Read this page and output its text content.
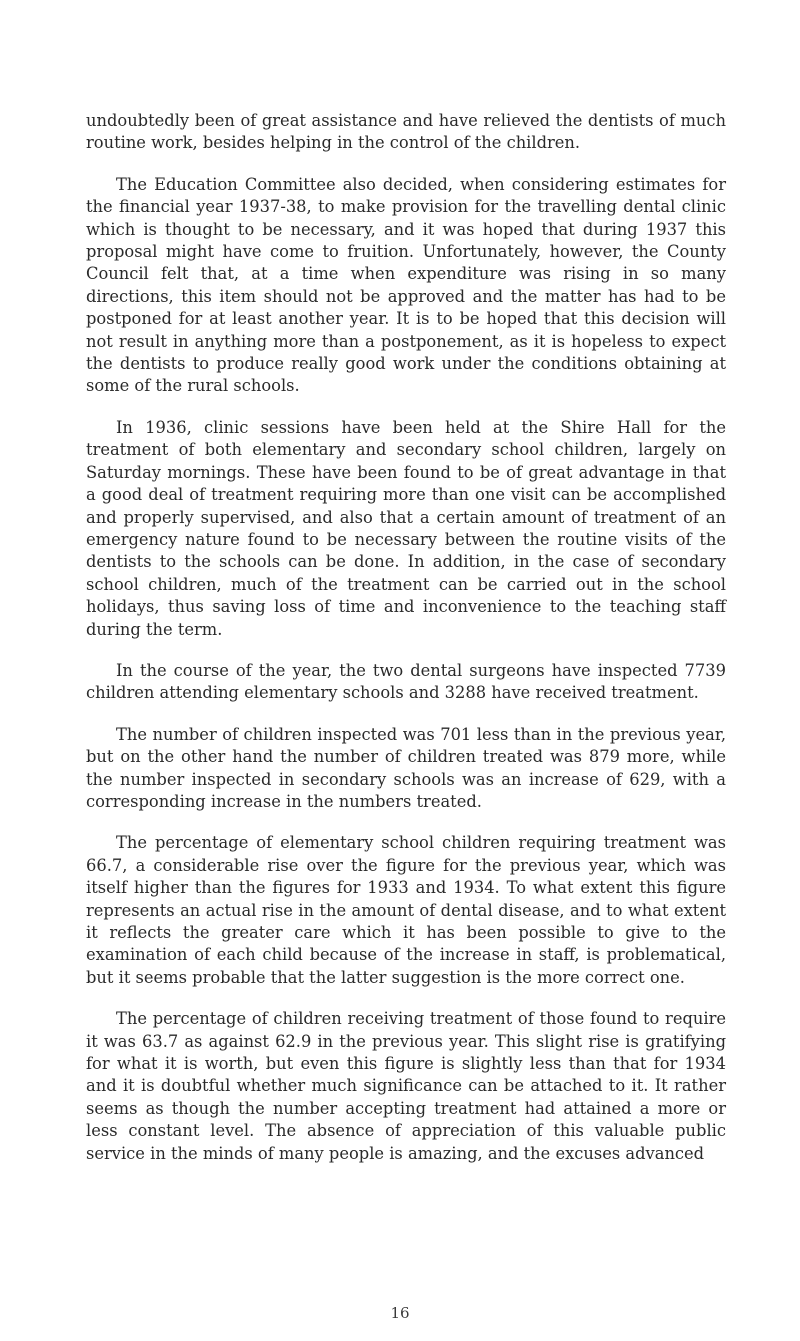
undoubtedly been of great assistance and have relieved the dentists of much routine work, besides helping in the control of the children.

The Education Committee also decided, when considering estimates for the financial year 1937-38, to make provision for the travelling dental clinic which is thought to be necessary, and it was hoped that during 1937 this proposal might have come to fruition. Unfortunately, however, the County Council felt that, at a time when expenditure was rising in so many directions, this item should not be approved and the matter has had to be postponed for at least another year. It is to be hoped that this decision will not result in anything more than a postponement, as it is hopeless to expect the dentists to produce really good work under the conditions obtaining at some of the rural schools.

In 1936, clinic sessions have been held at the Shire Hall for the treatment of both elementary and secondary school children, largely on Saturday mornings. These have been found to be of great advantage in that a good deal of treatment requiring more than one visit can be accomplished and properly supervised, and also that a certain amount of treatment of an emergency nature found to be necessary between the routine visits of the dentists to the schools can be done. In addition, in the case of secondary school children, much of the treatment can be carried out in the school holidays, thus saving loss of time and inconvenience to the teaching staff during the term.

In the course of the year, the two dental surgeons have inspected 7739 children attending elementary schools and 3288 have received treatment.

The number of children inspected was 701 less than in the previous year, but on the other hand the number of children treated was 879 more, while the number inspected in secondary schools was an increase of 629, with a corresponding increase in the numbers treated.

The percentage of elementary school children requiring treatment was 66.7, a considerable rise over the figure for the previous year, which was itself higher than the figures for 1933 and 1934. To what extent this figure represents an actual rise in the amount of dental disease, and to what extent it reflects the greater care which it has been possible to give to the examination of each child because of the increase in staff, is problematical, but it seems probable that the latter suggestion is the more correct one.

The percentage of children receiving treatment of those found to require it was 63.7 as against 62.9 in the previous year. This slight rise is gratifying for what it is worth, but even this figure is slightly less than that for 1934 and it is doubtful whether much significance can be attached to it. It rather seems as though the number accepting treatment had attained a more or less constant level. The absence of appreciation of this valuable public service in the minds of many people is amazing, and the excuses advanced

16
